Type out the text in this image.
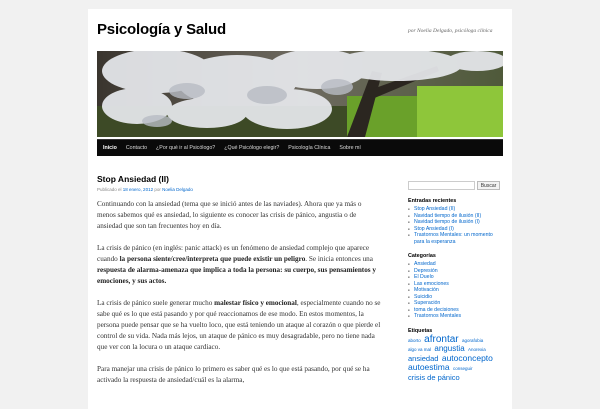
Psicología y Salud	por Noelia Delgado, psicóloga clínica
Inicio Contacto ¿Por qué ir al Psicólogo? ¿Qué Psicólogo elegir? Psicología Clínica Sobre mí
Stop Ansiedad (II)
Publicado el 18 enero, 2012 por Noelia Delgado

Continuando con la ansiedad (tema que se inició antes de las naviades). Ahora que ya más o menos sabemos qué es ansiedad, lo siguiente es conocer las crisis de pánico, angustia o de ansiedad que son tan frecuentes hoy en día.

La crisis de pánico (en inglés: panic attack) es un fenómeno de ansiedad complejo que aparece cuando la persona siente/cree/interpreta que puede existir un peligro. Se inicia entonces una respuesta de alarma-amenaza que implica a toda la persona: su cuerpo, sus pensamientos y emociones, y sus actos.

La crisis de pánico suele generar mucho malestar físico y emocional, especialmente cuando no se sabe qué es lo que está pasando y por qué reaccionamos de ese modo. En estos momentos, la persona puede pensar que se ha vuelto loco, que está teniendo un ataque al corazón o que pierde el control de su vida. Nada más lejos, un ataque de pánico es muy desagradable, pero no tiene nada que ver con la locura o un ataque cardiaco.

Para manejar una crisis de pánico lo primero es saber qué es lo que está pasando, por qué se ha activado la respuesta de ansiedad/cuál es la alarma,

Buscar
Entradas recientes
■ Stop Ansiedad (II)
■ Navidad tiempo de ilusión (II)
■ Navidad tiempo de ilusión (I)
■ Stop Ansiedad (I)
■ Trastornos Mentales: un momento para la esperanza
Categorías
■ Ansiedad
■ Depresión
■ El Duelo
■ Las emociones
■ Motivación
■ Suicidio
■ Superación
■ toma de decisiones
■ Trastornos Mentales
Etiquetas
aborto afrontar agorafobia algo va mal angustia Anorexia ansiedad autoconcepto autoestima conseguir crisis de pánico
